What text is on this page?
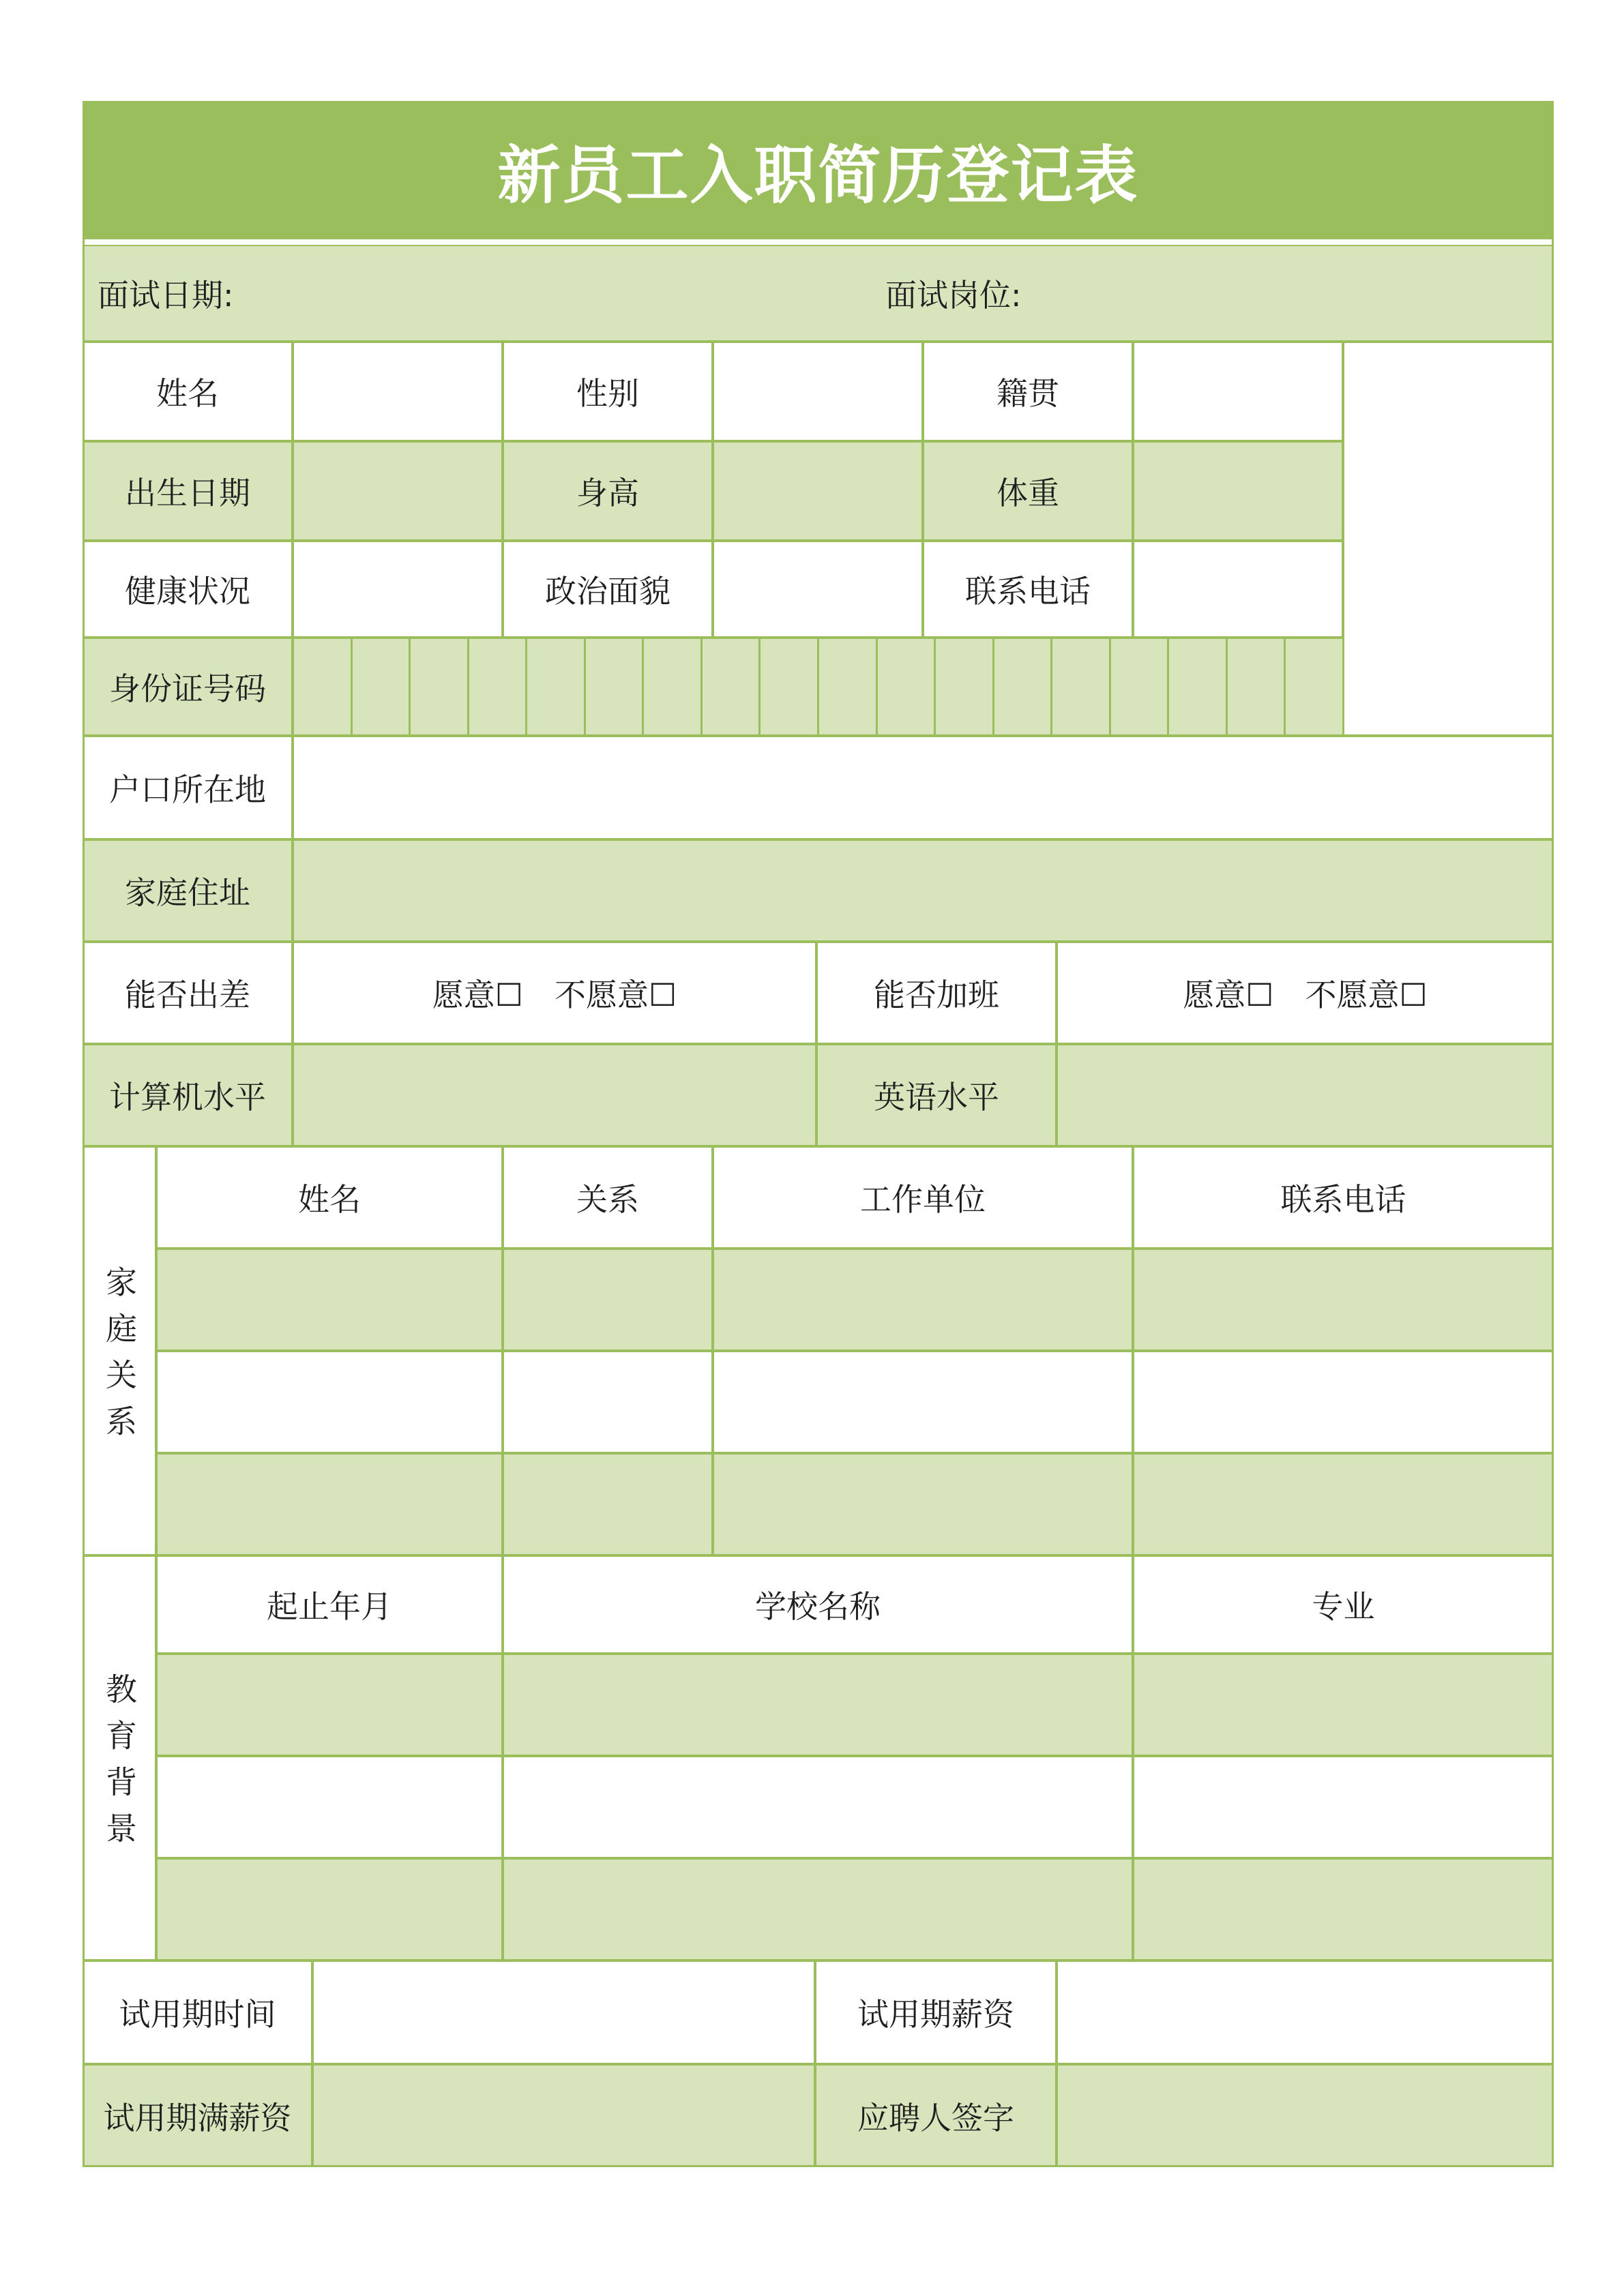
新员工入职简历登记表
面试日期:	面试岗位:
姓名	性别	籍贯
出生日期	身高	体重
健康状况	政治面貌	联系电话
身份证号码
户口所在地
家庭住址
能否出差	愿意☐ 不愿意☐	能否加班	愿意☐ 不愿意☐
计算机水平	英语水平
家庭关系
姓名	关系	工作单位	联系电话
教育背景
起止年月	学校名称	专业
试用期时间	试用期薪资
试用期满薪资	应聘人签字
